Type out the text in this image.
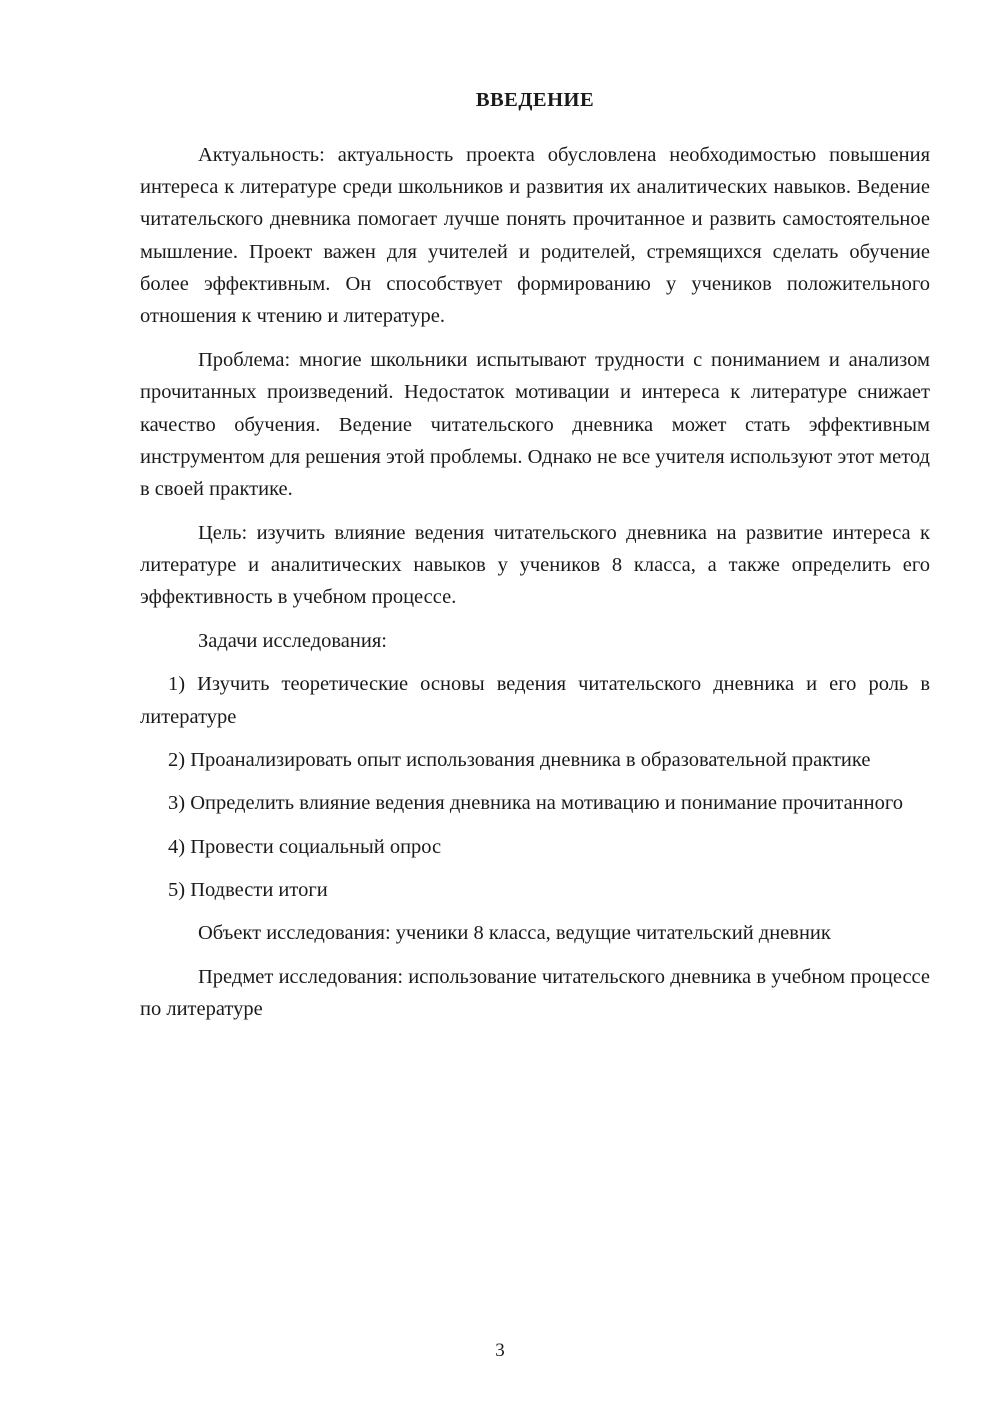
ВВЕДЕНИЕ

Актуальность: актуальность проекта обусловлена необходимостью повышения интереса к литературе среди школьников и развития их аналитических навыков. Ведение читательского дневника помогает лучше понять прочитанное и развить самостоятельное мышление. Проект важен для учителей и родителей, стремящихся сделать обучение более эффективным. Он способствует формированию у учеников положительного отношения к чтению и литературе.

Проблема: многие школьники испытывают трудности с пониманием и анализом прочитанных произведений. Недостаток мотивации и интереса к литературе снижает качество обучения. Ведение читательского дневника может стать эффективным инструментом для решения этой проблемы. Однако не все учителя используют этот метод в своей практике.

Цель: изучить влияние ведения читательского дневника на развитие интереса к литературе и аналитических навыков у учеников 8 класса, а также определить его эффективность в учебном процессе.

Задачи исследования:

1) Изучить теоретические основы ведения читательского дневника и его роль в литературе

2) Проанализировать опыт использования дневника в образовательной практике

3) Определить влияние ведения дневника на мотивацию и понимание прочитанного

4) Провести социальный опрос

5) Подвести итоги

Объект исследования: ученики 8 класса, ведущие читательский дневник

Предмет исследования: использование читательского дневника в учебном процессе по литературе

3
